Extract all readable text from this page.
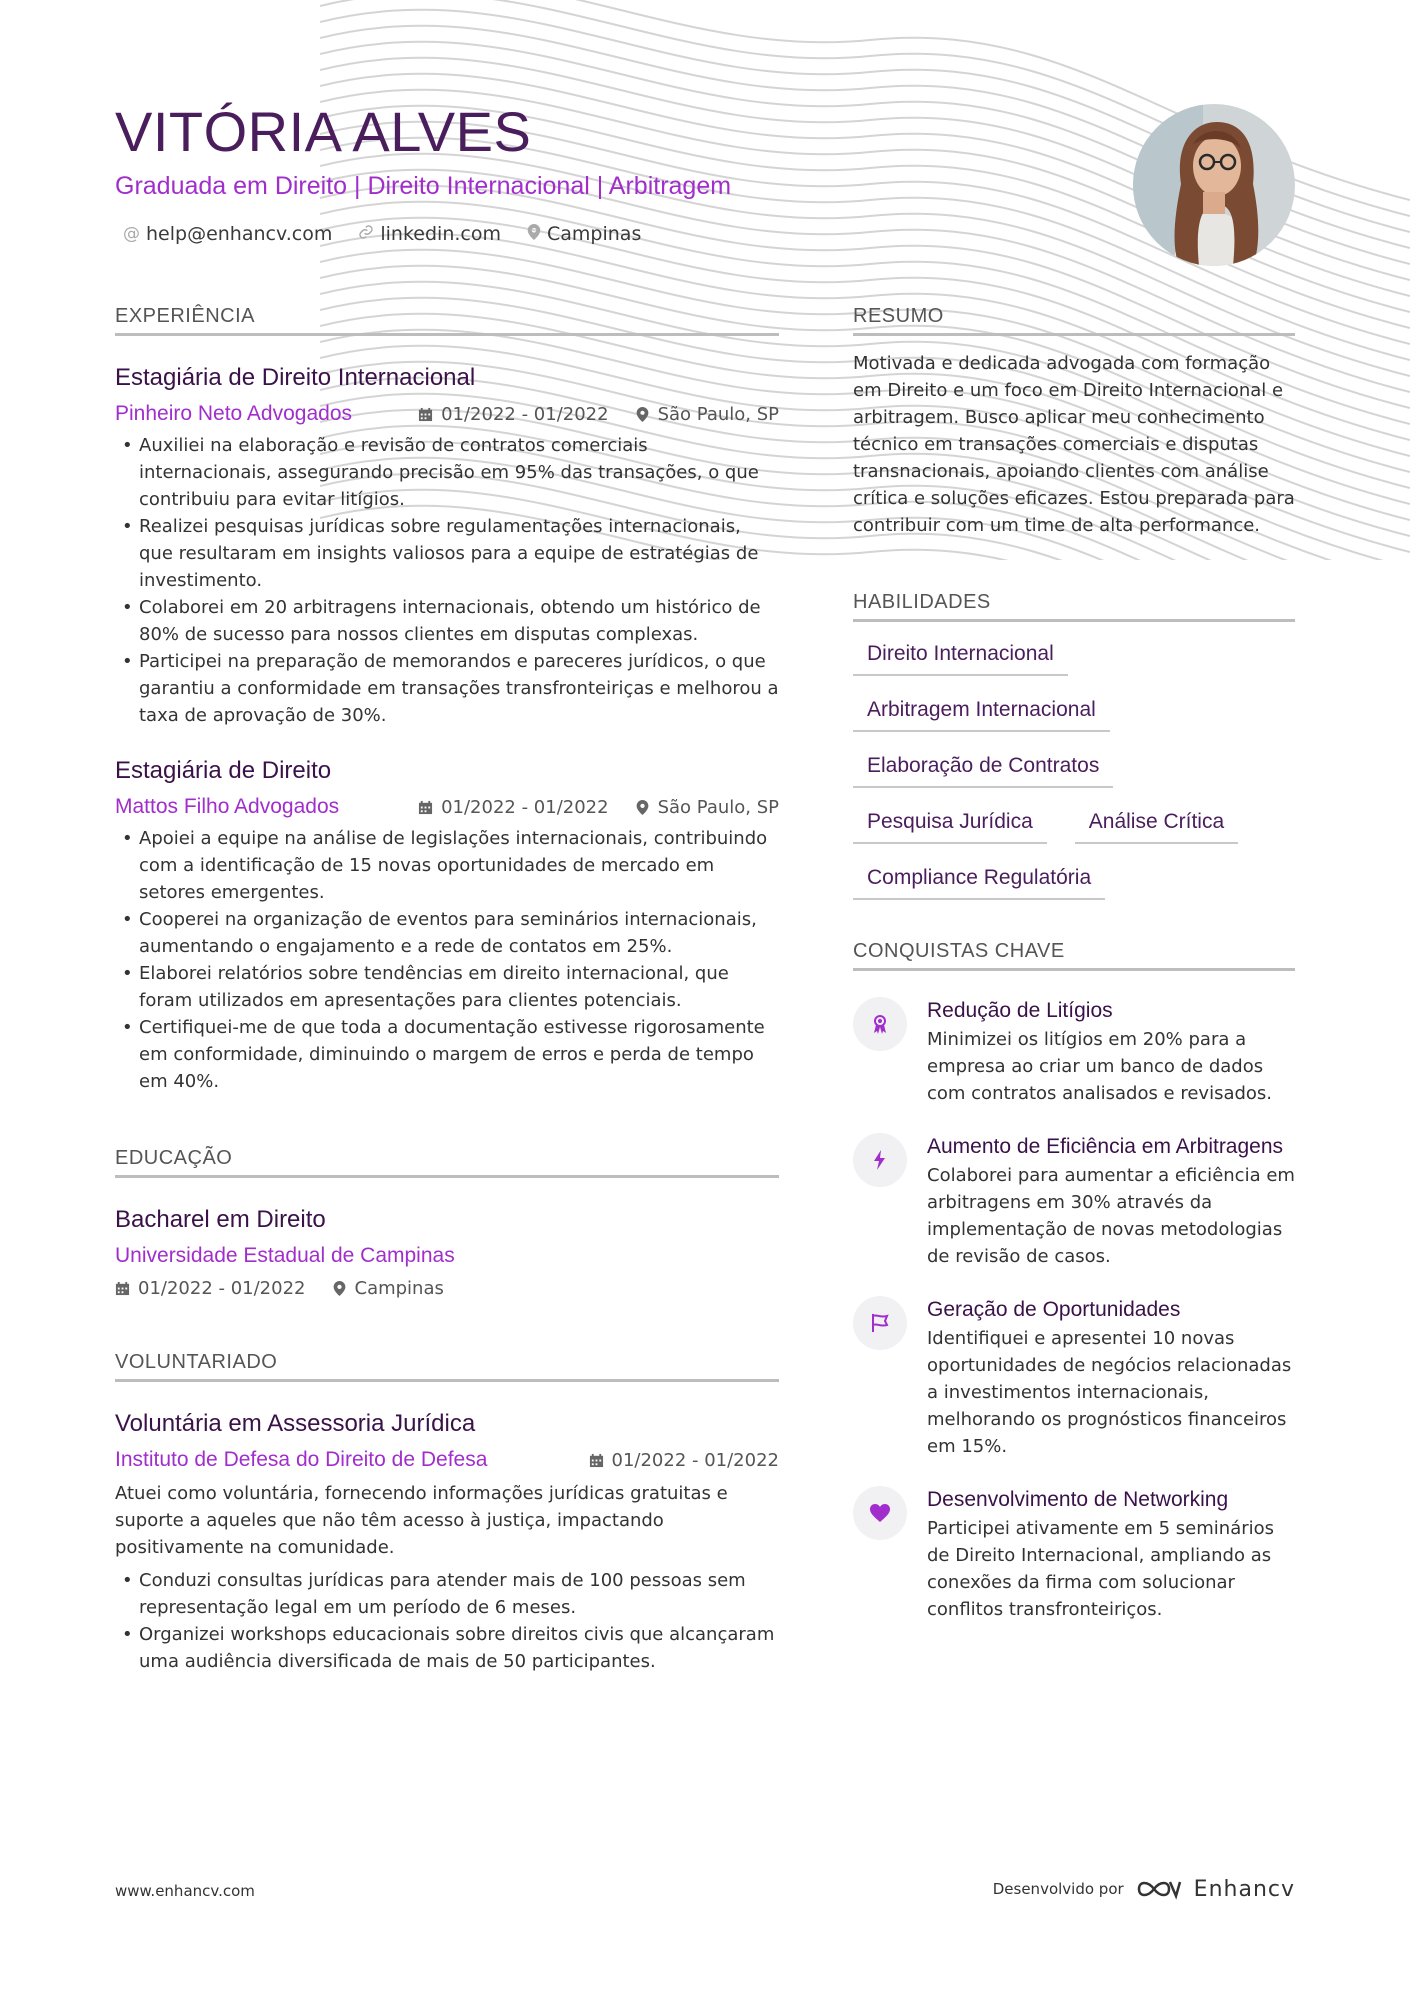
VITÓRIA ALVES
Graduada em Direito | Direito Internacional | Arbitragem
@ help@enhancv.com	linkedin.com Campinas
EXPERIÊNCIA
Estagiária de Direito Internacional
Pinheiro Neto Advogados	01/2022 - 01/2022	São Paulo, SP
• Auxiliei na elaboração e revisão de contratos comerciais internacionais, assegurando precisão em 95% das transações, o que contribuiu para evitar litígios.
• Realizei pesquisas jurídicas sobre regulamentações internacionais, que resultaram em insights valiosos para a equipe de estratégias de investimento.
• Colaborei em 20 arbitragens internacionais, obtendo um histórico de 80% de sucesso para nossos clientes em disputas complexas.
• Participei na preparação de memorandos e pareceres jurídicos, o que garantiu a conformidade em transações transfronteiriças e melhorou a taxa de aprovação de 30%.
Estagiária de Direito
Mattos Filho Advogados	01/2022 - 01/2022	São Paulo, SP
• Apoiei a equipe na análise de legislações internacionais, contribuindo com a identificação de 15 novas oportunidades de mercado em setores emergentes.
• Cooperei na organização de eventos para seminários internacionais, aumentando o engajamento e a rede de contatos em 25%.
• Elaborei relatórios sobre tendências em direito internacional, que foram utilizados em apresentações para clientes potenciais.
• Certifiquei-me de que toda a documentação estivesse rigorosamente em conformidade, diminuindo o margem de erros e perda de tempo em 40%.
EDUCAÇÃO
Bacharel em Direito
Universidade Estadual de Campinas
01/2022 - 01/2022	Campinas
VOLUNTARIADO
Voluntária em Assessoria Jurídica
Instituto de Defesa do Direito de Defesa	01/2022 - 01/2022
Atuei como voluntária, fornecendo informações jurídicas gratuitas e suporte a aqueles que não têm acesso à justiça, impactando positivamente na comunidade.
• Conduzi consultas jurídicas para atender mais de 100 pessoas sem representação legal em um período de 6 meses.
• Organizei workshops educacionais sobre direitos civis que alcançaram uma audiência diversificada de mais de 50 participantes.
RESUMO
Motivada e dedicada advogada com formação em Direito e um foco em Direito Internacional e arbitragem. Busco aplicar meu conhecimento técnico em transações comerciais e disputas transnacionais, apoiando clientes com análise crítica e soluções eficazes. Estou preparada para contribuir com um time de alta performance.
HABILIDADES
Direito Internacional
Arbitragem Internacional
Elaboração de Contratos
Pesquisa Jurídica	Análise Crítica
Compliance Regulatória
CONQUISTAS CHAVE
Redução de Litígios
Minimizei os litígios em 20% para a empresa ao criar um banco de dados com contratos analisados e revisados.
Aumento de Eficiência em Arbitragens
Colaborei para aumentar a eficiência em arbitragens em 30% através da implementação de novas metodologias de revisão de casos.
Geração de Oportunidades
Identifiquei e apresentei 10 novas oportunidades de negócios relacionadas a investimentos internacionais, melhorando os prognósticos financeiros em 15%.
Desenvolvimento de Networking
Participei ativamente em 5 seminários de Direito Internacional, ampliando as conexões da firma com solucionar conflitos transfronteiriços.
www.enhancv.com	Desenvolvido por	Enhancv
